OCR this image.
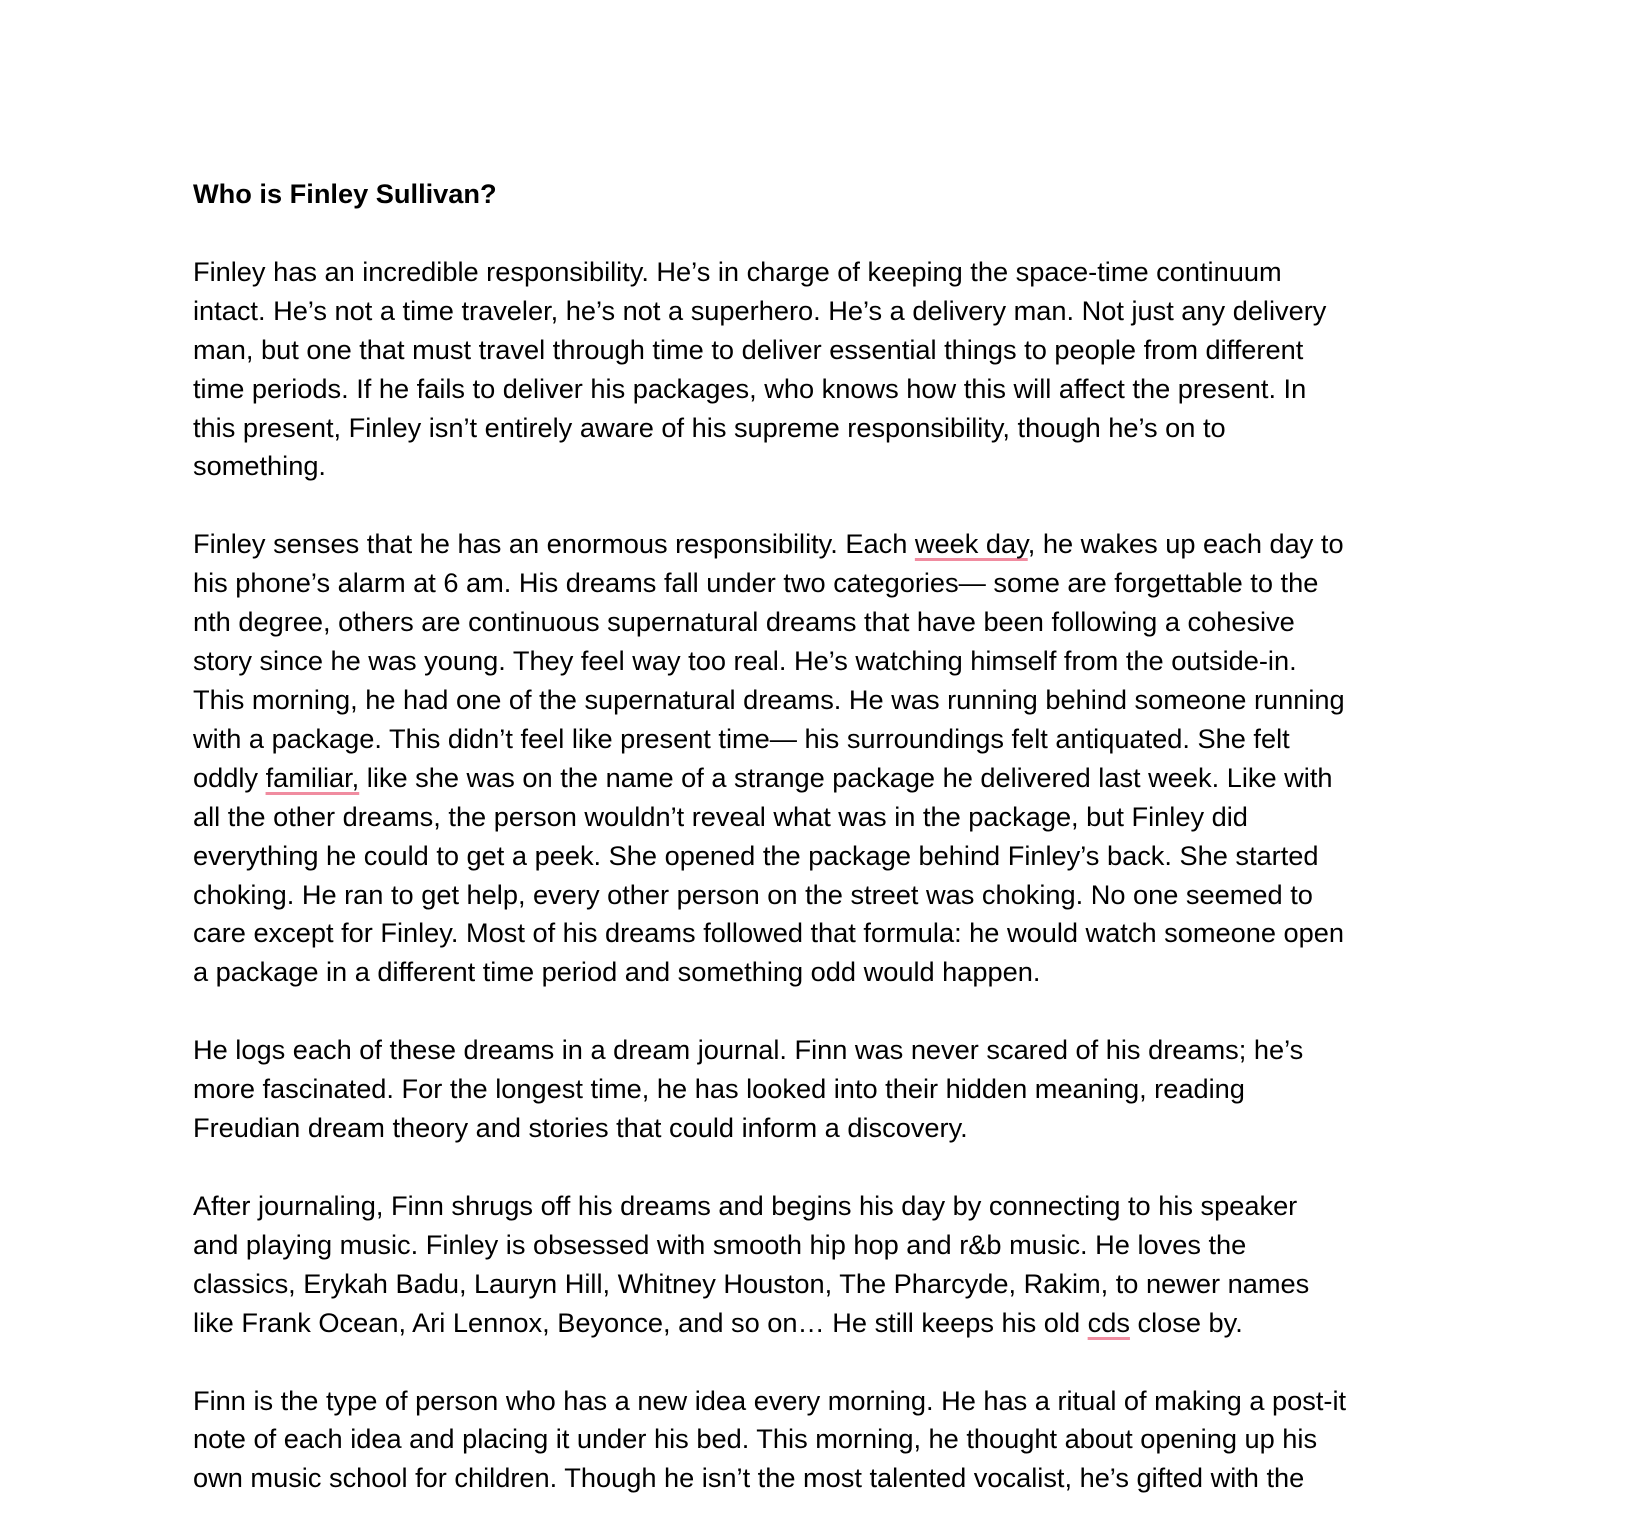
Who is Finley Sullivan?
Finley has an incredible responsibility. He’s in charge of keeping the space-time continuum
intact. He’s not a time traveler, he’s not a superhero. He’s a delivery man. Not just any delivery
man, but one that must travel through time to deliver essential things to people from different
time periods. If he fails to deliver his packages, who knows how this will affect the present. In
this present, Finley isn’t entirely aware of his supreme responsibility, though he’s on to
something.
Finley senses that he has an enormous responsibility. Each week day, he wakes up each day to
his phone’s alarm at 6 am. His dreams fall under two categories— some are forgettable to the
nth degree, others are continuous supernatural dreams that have been following a cohesive
story since he was young. They feel way too real. He’s watching himself from the outside-in.
This morning, he had one of the supernatural dreams. He was running behind someone running
with a package. This didn’t feel like present time— his surroundings felt antiquated. She felt
oddly familiar, like she was on the name of a strange package he delivered last week. Like with
all the other dreams, the person wouldn’t reveal what was in the package, but Finley did
everything he could to get a peek. She opened the package behind Finley’s back. She started
choking. He ran to get help, every other person on the street was choking. No one seemed to
care except for Finley. Most of his dreams followed that formula: he would watch someone open
a package in a different time period and something odd would happen.
He logs each of these dreams in a dream journal. Finn was never scared of his dreams; he’s
more fascinated. For the longest time, he has looked into their hidden meaning, reading
Freudian dream theory and stories that could inform a discovery.
After journaling, Finn shrugs off his dreams and begins his day by connecting to his speaker
and playing music. Finley is obsessed with smooth hip hop and r&b music. He loves the
classics, Erykah Badu, Lauryn Hill, Whitney Houston, The Pharcyde, Rakim, to newer names
like Frank Ocean, Ari Lennox, Beyonce, and so on… He still keeps his old cds close by.
Finn is the type of person who has a new idea every morning. He has a ritual of making a post-it
note of each idea and placing it under his bed. This morning, he thought about opening up his
own music school for children. Though he isn’t the most talented vocalist, he’s gifted with the
